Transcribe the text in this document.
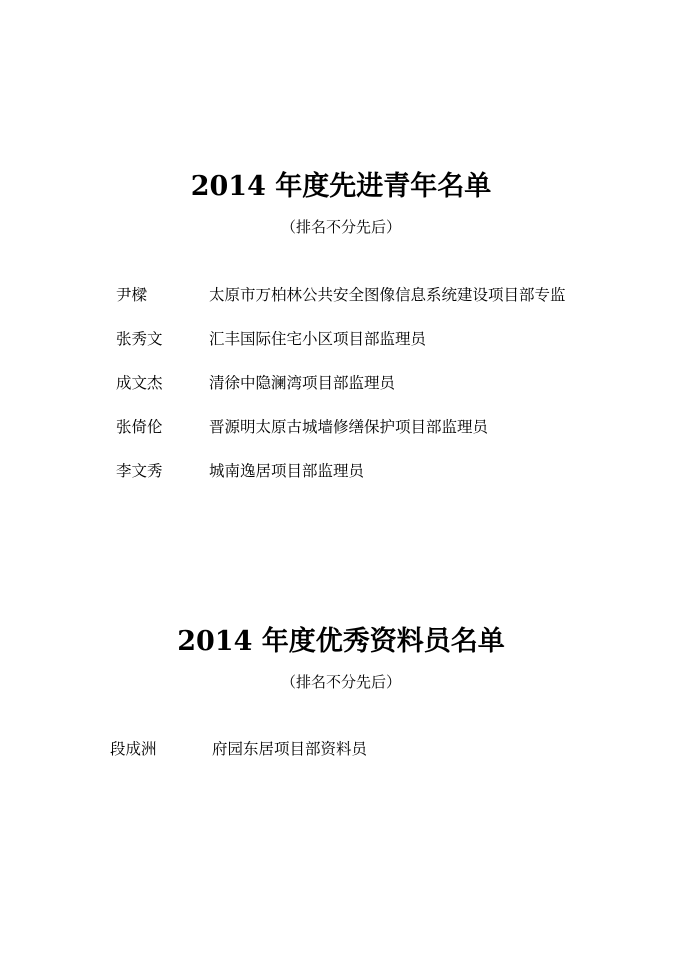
2014 年度先进青年名单
（排名不分先后）
尹樑	太原市万柏林公共安全图像信息系统建设项目部专监
张秀文	汇丰国际住宅小区项目部监理员
成文杰	清徐中隐澜湾项目部监理员
张倚伦	晋源明太原古城墙修缮保护项目部监理员
李文秀	城南逸居项目部监理员
2014 年度优秀资料员名单
（排名不分先后）
段成洲	府园东居项目部资料员
